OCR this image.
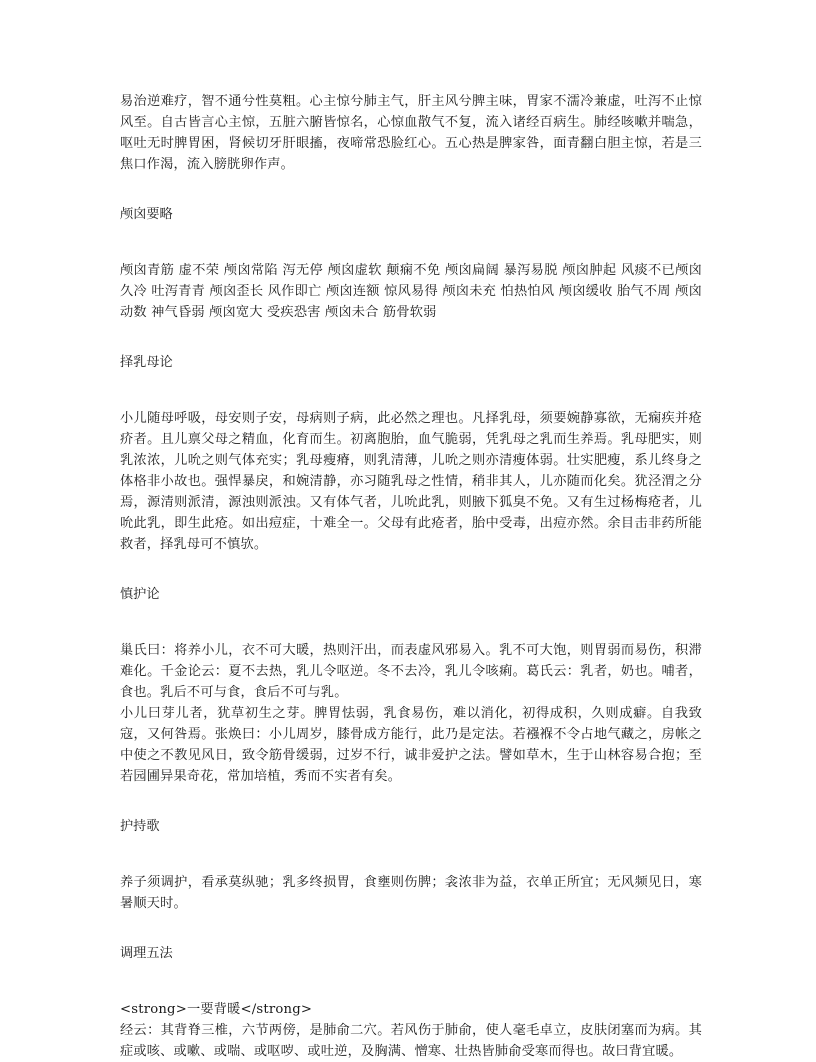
易治逆难疗，智不通兮性莫粗。心主惊兮肺主气，肝主风兮脾主味，胃家不濡冷兼虚，吐泻不止惊风至。自古皆言心主惊，五脏六腑皆惊名，心惊血散气不复，流入诸经百病生。肺经咳嗽并喘急，呕吐无时脾胃困，肾候切牙肝眼搐，夜啼常恐脸红心。五心热是脾家咎，面青翻白胆主惊，若是三焦口作渴，流入膀胱卵作声。

颅囟要略

颅囟青筋 虚不荣 颅囟常陷 泻无停 颅囟虚软 颠痫不免 颅囟扁阔 暴泻易脱 颅囟肿起 风痰不已颅囟久冷 吐泻青青 颅囟歪长 风作即亡 颅囟连额 惊风易得 颅囟未充 怕热怕风 颅囟缓收 胎气不周 颅囟动数 神气昏弱 颅囟宽大 受疾恐害 颅囟未合 筋骨软弱

择乳母论

小儿随母呼吸，母安则子安，母病则子病，此必然之理也。凡择乳母，须要婉静寡欲，无痫疾并疮疥者。且儿禀父母之精血，化育而生。初离胞胎，血气脆弱，凭乳母之乳而生养焉。乳母肥实，则乳浓浓，儿吮之则气体充实；乳母瘦瘠，则乳清薄，儿吮之则亦清瘦体弱。壮实肥瘦，系儿终身之体格非小故也。强悍暴戾，和婉清静，亦习随乳母之性情，稍非其人，儿亦随而化矣。犹泾渭之分焉，源清则派清，源浊则派浊。又有体气者，儿吮此乳，则腋下狐臭不免。又有生过杨梅疮者，儿吮此乳，即生此疮。如出痘症，十难全一。父母有此疮者，胎中受毒，出痘亦然。余目击非药所能救者，择乳母可不慎欤。

慎护论

巢氏曰：将养小儿，衣不可大暖，热则汗出，而表虚风邪易入。乳不可大饱，则胃弱而易伤，积滞难化。千金论云：夏不去热，乳儿令呕逆。冬不去冷，乳儿令咳痢。葛氏云：乳者，奶也。哺者，食也。乳后不可与食，食后不可与乳。

小儿曰芽儿者，犹草初生之芽。脾胃怯弱，乳食易伤，难以消化，初得成积，久则成癖。自我致寇，又何咎焉。张焕曰：小儿周岁，膝骨成方能行，此乃是定法。若襁褓不令占地气藏之，房帐之中使之不教见风日，致令筋骨缓弱，过岁不行，诚非爱护之法。譬如草木，生于山林容易合抱；至若园圃异果奇花，常加培植，秀而不实者有矣。

护持歌

养子须调护，看承莫纵驰；乳多终损胃，食壅则伤脾；衾浓非为益，衣单正所宜；无风频见日，寒暑顺天时。

调理五法

<strong>一要背暖</strong>

经云：其背脊三椎，六节两傍，是肺俞二穴。若风伤于肺俞，使人毫毛卓立，皮肤闭塞而为病。其症或咳、或嗽、或喘、或呕哕、或吐逆，及胸满、憎寒、壮热皆肺俞受寒而得也。故曰背宜暖。
